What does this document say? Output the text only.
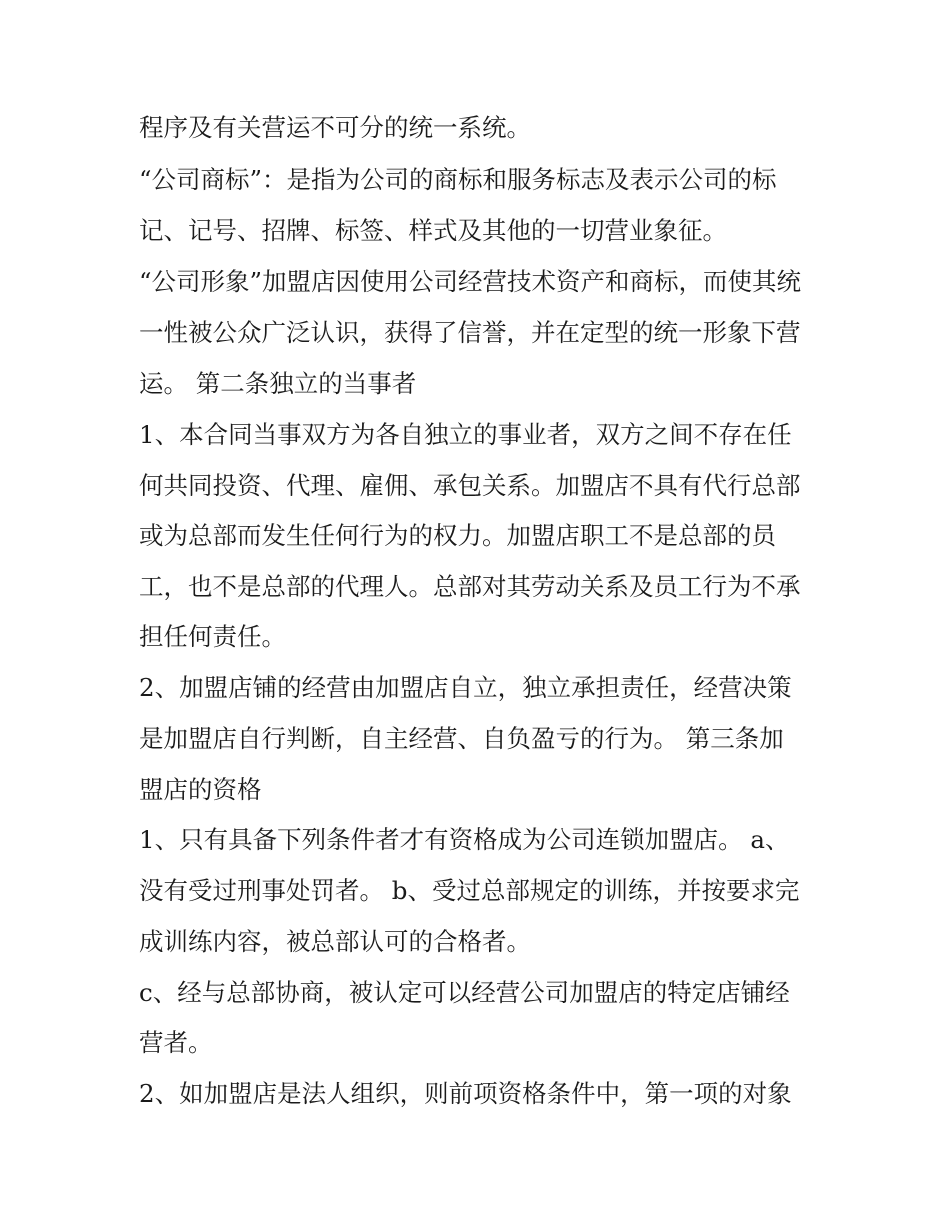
程序及有关营运不可分的统一系统。

“公司商标”：是指为公司的商标和服务标志及表示公司的标

记、记号、招牌、标签、样式及其他的一切营业象征。

“公司形象”加盟店因使用公司经营技术资产和商标，而使其统

一性被公众广泛认识，获得了信誉，并在定型的统一形象下营

运。 第二条独立的当事者

1、本合同当事双方为各自独立的事业者，双方之间不存在任

何共同投资、代理、雇佣、承包关系。加盟店不具有代行总部

或为总部而发生任何行为的权力。加盟店职工不是总部的员

工，也不是总部的代理人。总部对其劳动关系及员工行为不承

担任何责任。

2、加盟店铺的经营由加盟店自立，独立承担责任，经营决策

是加盟店自行判断，自主经营、自负盈亏的行为。 第三条加

盟店的资格

1、只有具备下列条件者才有资格成为公司连锁加盟店。 a、

没有受过刑事处罚者。 b、受过总部规定的训练，并按要求完

成训练内容，被总部认可的合格者。

c、经与总部协商，被认定可以经营公司加盟店的特定店铺经

营者。

2、如加盟店是法人组织，则前项资格条件中，第一项的对象
